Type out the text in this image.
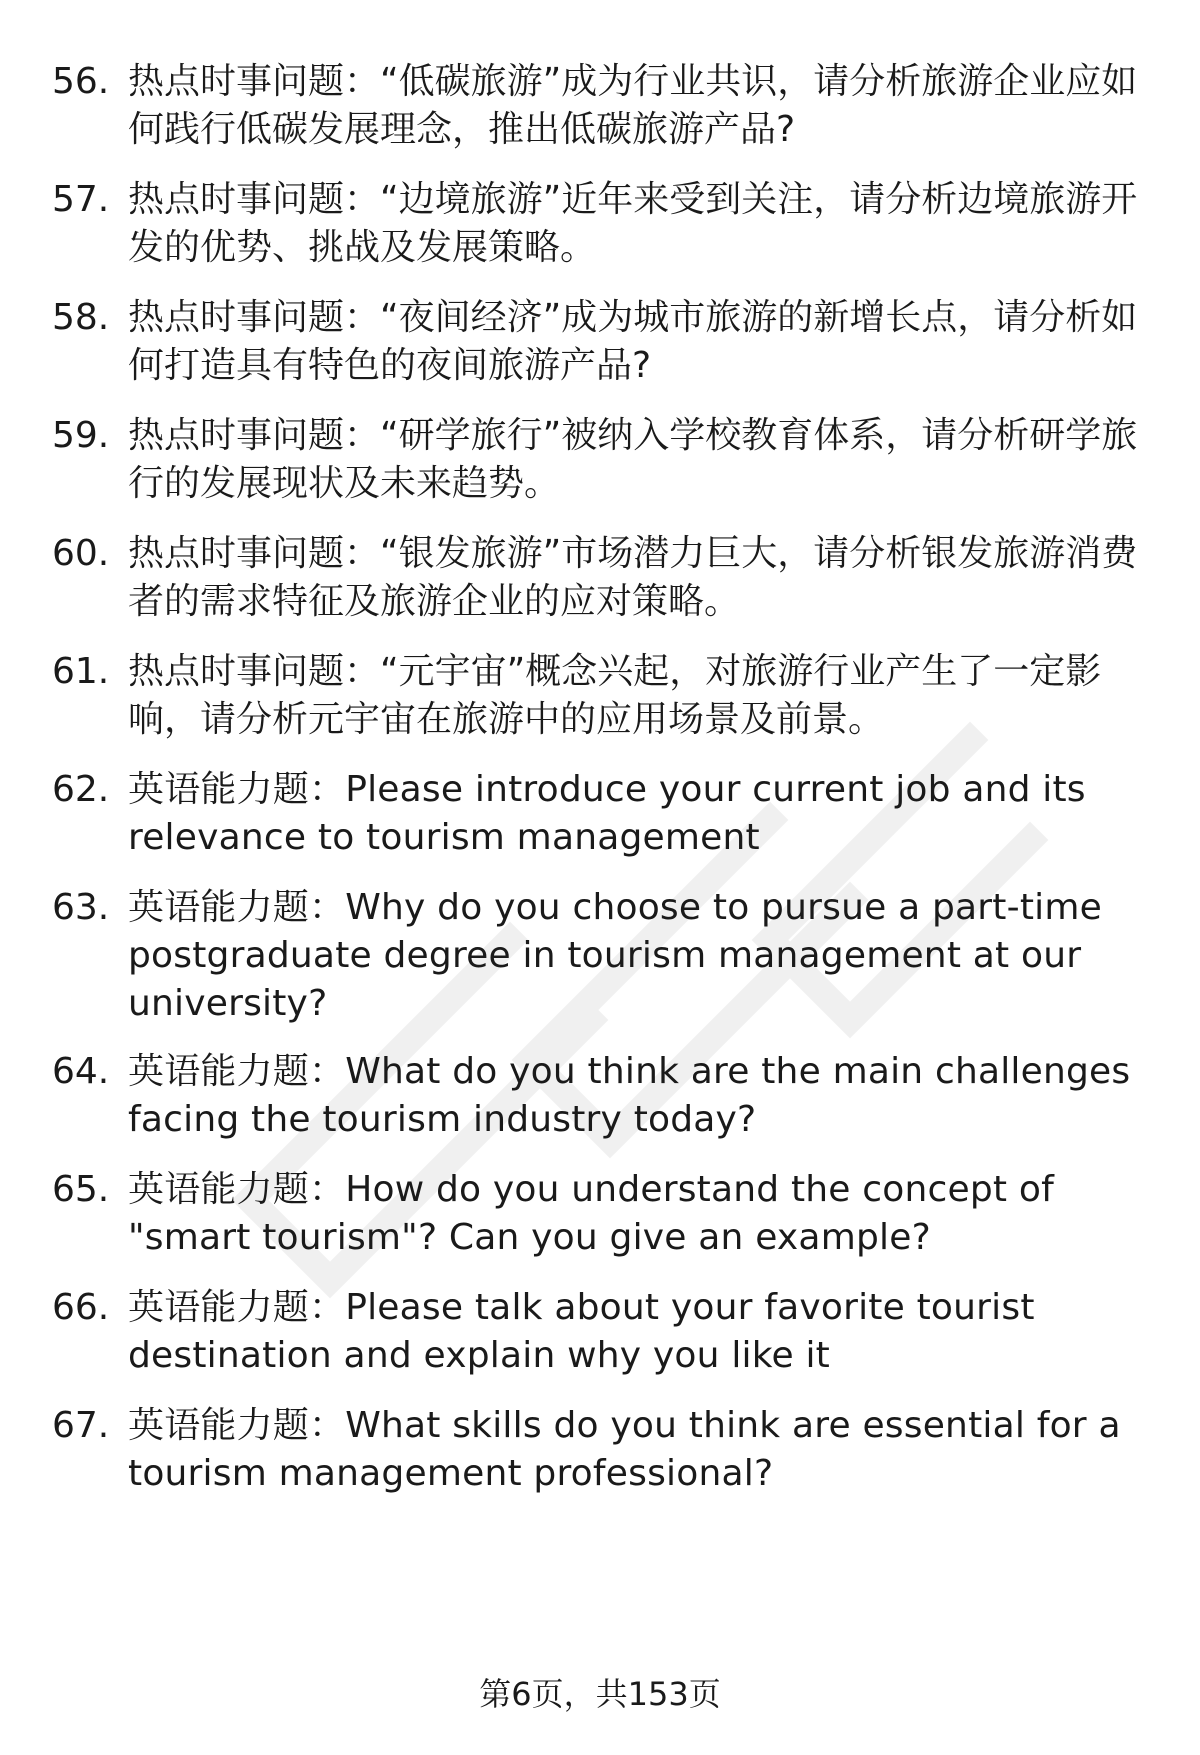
56. 热点时事问题：“低碳旅游”成为行业共识，请分析旅游企业应如何践行低碳发展理念，推出低碳旅游产品?
57. 热点时事问题：“边境旅游”近年来受到关注，请分析边境旅游开发的优势、挑战及发展策略。
58. 热点时事问题：“夜间经济”成为城市旅游的新增长点，请分析如何打造具有特色的夜间旅游产品?
59. 热点时事问题：“研学旅行”被纳入学校教育体系，请分析研学旅行的发展现状及未来趋势。
60. 热点时事问题：“银发旅游”市场潜力巨大，请分析银发旅游消费者的需求特征及旅游企业的应对策略。
61. 热点时事问题：“元宇宙”概念兴起，对旅游行业产生了一定影响，请分析元宇宙在旅游中的应用场景及前景。
62. 英语能力题：Please introduce your current job and its relevance to tourism management
63. 英语能力题：Why do you choose to pursue a part-time postgraduate degree in tourism management at our university?
64. 英语能力题：What do you think are the main challenges facing the tourism industry today?
65. 英语能力题：How do you understand the concept of "smart tourism"? Can you give an example?
66. 英语能力题：Please talk about your favorite tourist destination and explain why you like it
67. 英语能力题：What skills do you think are essential for a tourism management professional?
第6页，共153页
